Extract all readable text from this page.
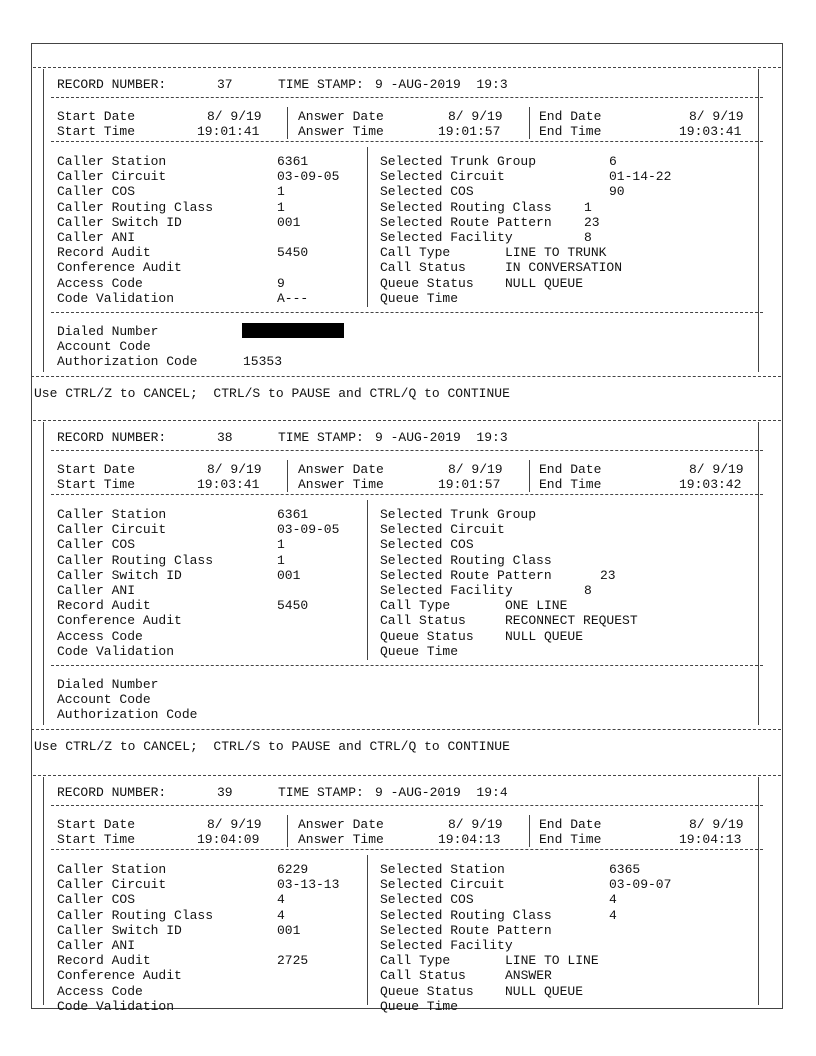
RECORD NUMBER:	37	TIME STAMP: 9 -AUG-2019  19:3
Start Date	8/ 9/19
Start Time	19:01:41
Answer Date	8/ 9/19
Answer Time	19:01:57
End Date	8/ 9/19
End Time	19:03:41
Caller Station	6361
Caller Circuit	03-09-05
Caller COS	1
Caller Routing Class	1
Caller Switch ID	001
Caller ANI
Record Audit	5450
Conference Audit
Access Code	9
Code Validation	A---
Selected Trunk Group	6
Selected Circuit	01-14-22
Selected COS	90
Selected Routing Class 1
Selected Route Pattern 23
Selected Facility	8
Call Type	LINE TO TRUNK
Call Status	IN CONVERSATION
Queue Status NULL QUEUE
Queue Time
Dialed Number
Account Code
Authorization Code	15353
Use CTRL/Z to CANCEL;  CTRL/S to PAUSE and CTRL/Q to CONTINUE
RECORD NUMBER:	38	TIME STAMP: 9 -AUG-2019  19:3
Start Date	8/ 9/19
Start Time	19:03:41
Answer Date	8/ 9/19
Answer Time	19:01:57
End Date	8/ 9/19
End Time	19:03:42
Caller Station	6361
Caller Circuit	03-09-05
Caller COS	1
Caller Routing Class	1
Caller Switch ID	001
Caller ANI
Record Audit	5450
Conference Audit
Access Code
Code Validation
Selected Trunk Group
Selected Circuit
Selected COS
Selected Routing Class
Selected Route Pattern	23
Selected Facility	8
Call Type	ONE LINE
Call Status	RECONNECT REQUEST
Queue Status NULL QUEUE
Queue Time
Dialed Number
Account Code
Authorization Code
Use CTRL/Z to CANCEL;  CTRL/S to PAUSE and CTRL/Q to CONTINUE
RECORD NUMBER:	39	TIME STAMP: 9 -AUG-2019  19:4
Start Date	8/ 9/19
Start Time	19:04:09
Answer Date	8/ 9/19
Answer Time	19:04:13
End Date	8/ 9/19
End Time	19:04:13
Caller Station	6229
Caller Circuit	03-13-13
Caller COS	4
Caller Routing Class	4
Caller Switch ID	001
Caller ANI
Record Audit	2725
Conference Audit
Access Code
Code Validation
Selected Station	6365
Selected Circuit	03-09-07
Selected COS	4
Selected Routing Class	4
Selected Route Pattern
Selected Facility
Call Type	LINE TO LINE
Call Status	ANSWER
Queue Status NULL QUEUE
Queue Time
